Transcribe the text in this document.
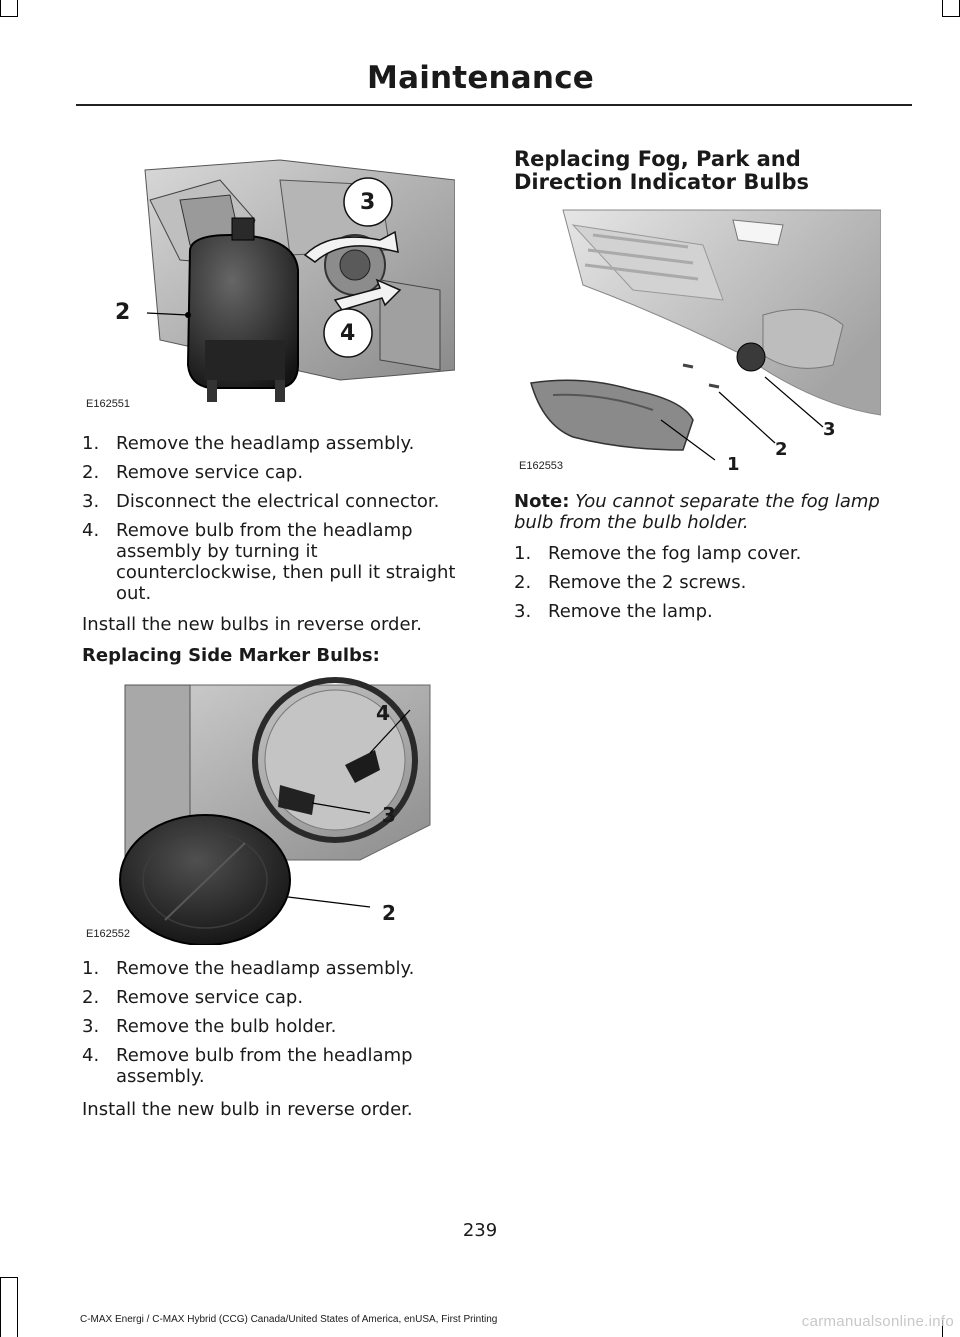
Maintenance
3
2
4
E162551
1. Remove the headlamp assembly.
2. Remove service cap.
3. Disconnect the electrical connector.
4. Remove bulb from the headlamp assembly by turning it counterclockwise, then pull it straight out.

Install the new bulbs in reverse order.

Replacing Side Marker Bulbs:

4
3
2
E162552
1. Remove the headlamp assembly.
2. Remove service cap.
3. Remove the bulb holder.
4. Remove bulb from the headlamp assembly.

Install the new bulb in reverse order.

Replacing Fog, Park and Direction Indicator Bulbs
3
2
1
E162553

Note: You cannot separate the fog lamp bulb from the bulb holder.

1. Remove the fog lamp cover.
2. Remove the 2 screws.
3. Remove the lamp.

239

C-MAX Energi / C-MAX Hybrid (CCG) Canada/United States of America, enUSA, First Printing	carmanualsonline.info
